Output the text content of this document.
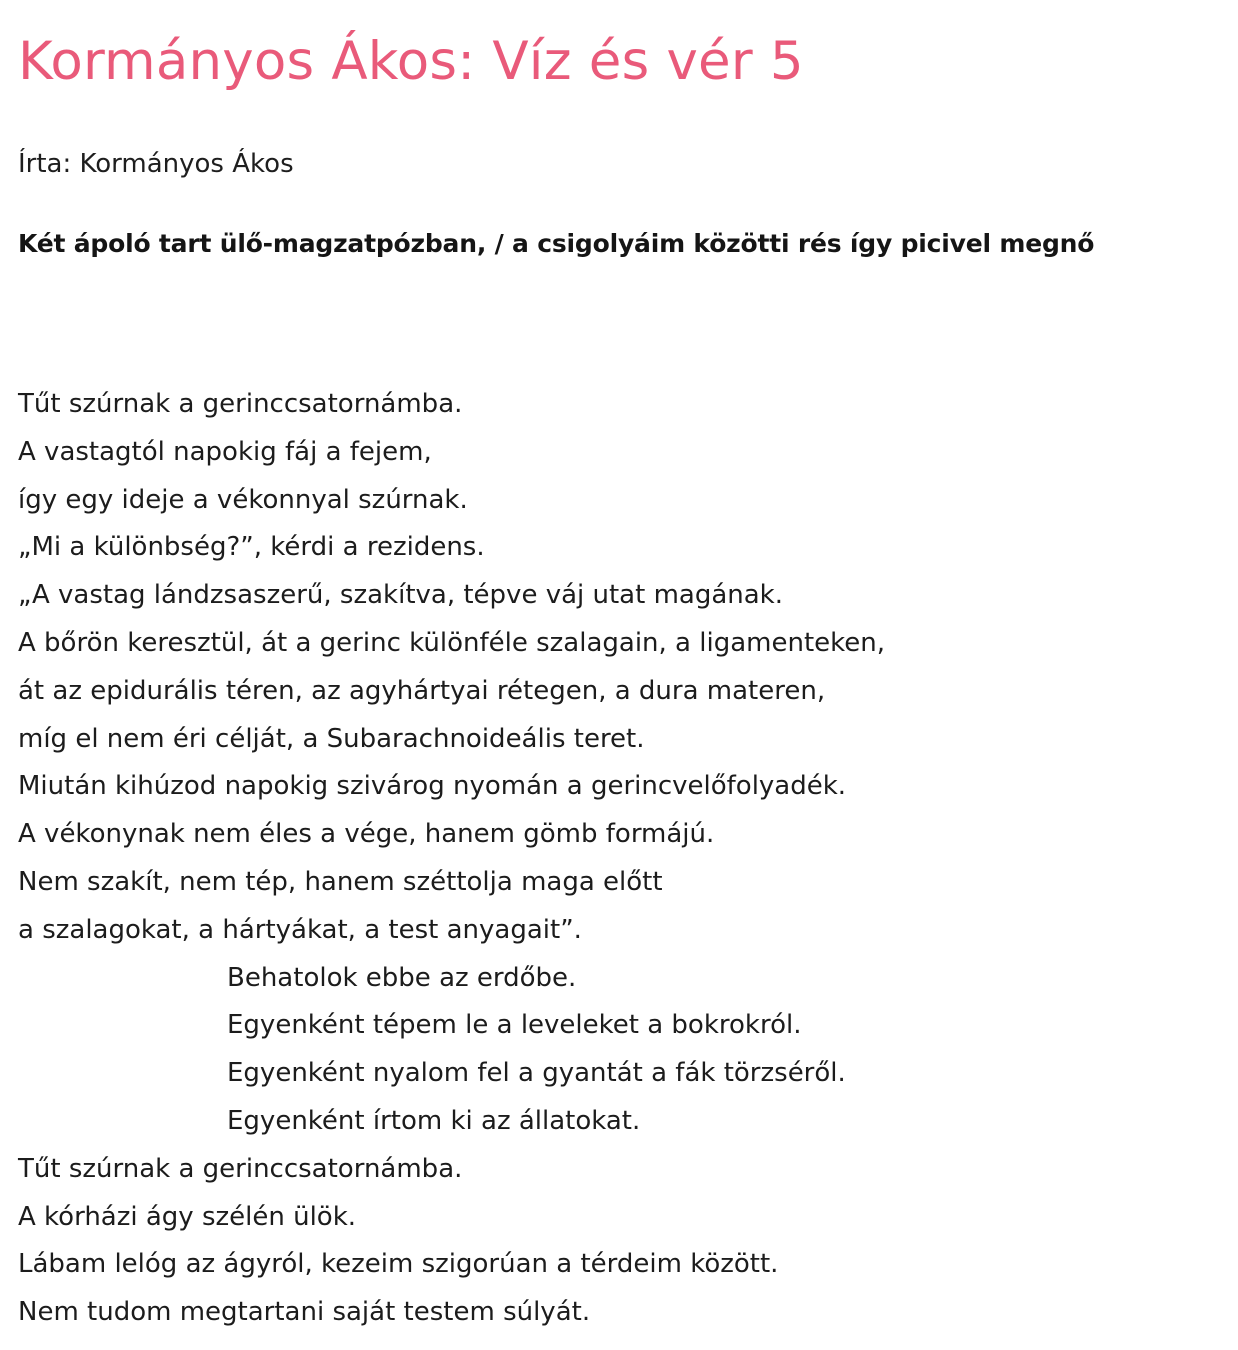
Kormányos Ákos: Víz és vér 5

Írta: Kormányos Ákos

Két ápoló tart ülő-magzatpózban, / a csigolyáim közötti rés így picivel megnő

Tűt szúrnak a gerinccsatornámba.
A vastagtól napokig fáj a fejem,
így egy ideje a vékonnyal szúrnak.
„Mi a különbség?”, kérdi a rezidens.
„A vastag lándzsaszerű, szakítva, tépve váj utat magának.
A bőrön keresztül, át a gerinc különféle szalagain, a ligamenteken,
át az epidurális téren, az agyhártyai rétegen, a dura materen,
míg el nem éri célját, a Subarachnoideális teret.
Miután kihúzod napokig szivárog nyomán a gerincvelőfolyadék.
A vékonynak nem éles a vége, hanem gömb formájú.
Nem szakít, nem tép, hanem széttolja maga előtt
a szalagokat, a hártyákat, a test anyagait”.
Behatolok ebbe az erdőbe.
Egyenként tépem le a leveleket a bokrokról.
Egyenként nyalom fel a gyantát a fák törzséről.
Egyenként írtom ki az állatokat.
Tűt szúrnak a gerinccsatornámba.
A kórházi ágy szélén ülök.
Lábam lelóg az ágyról, kezeim szigorúan a térdeim között.
Nem tudom megtartani saját testem súlyát.
